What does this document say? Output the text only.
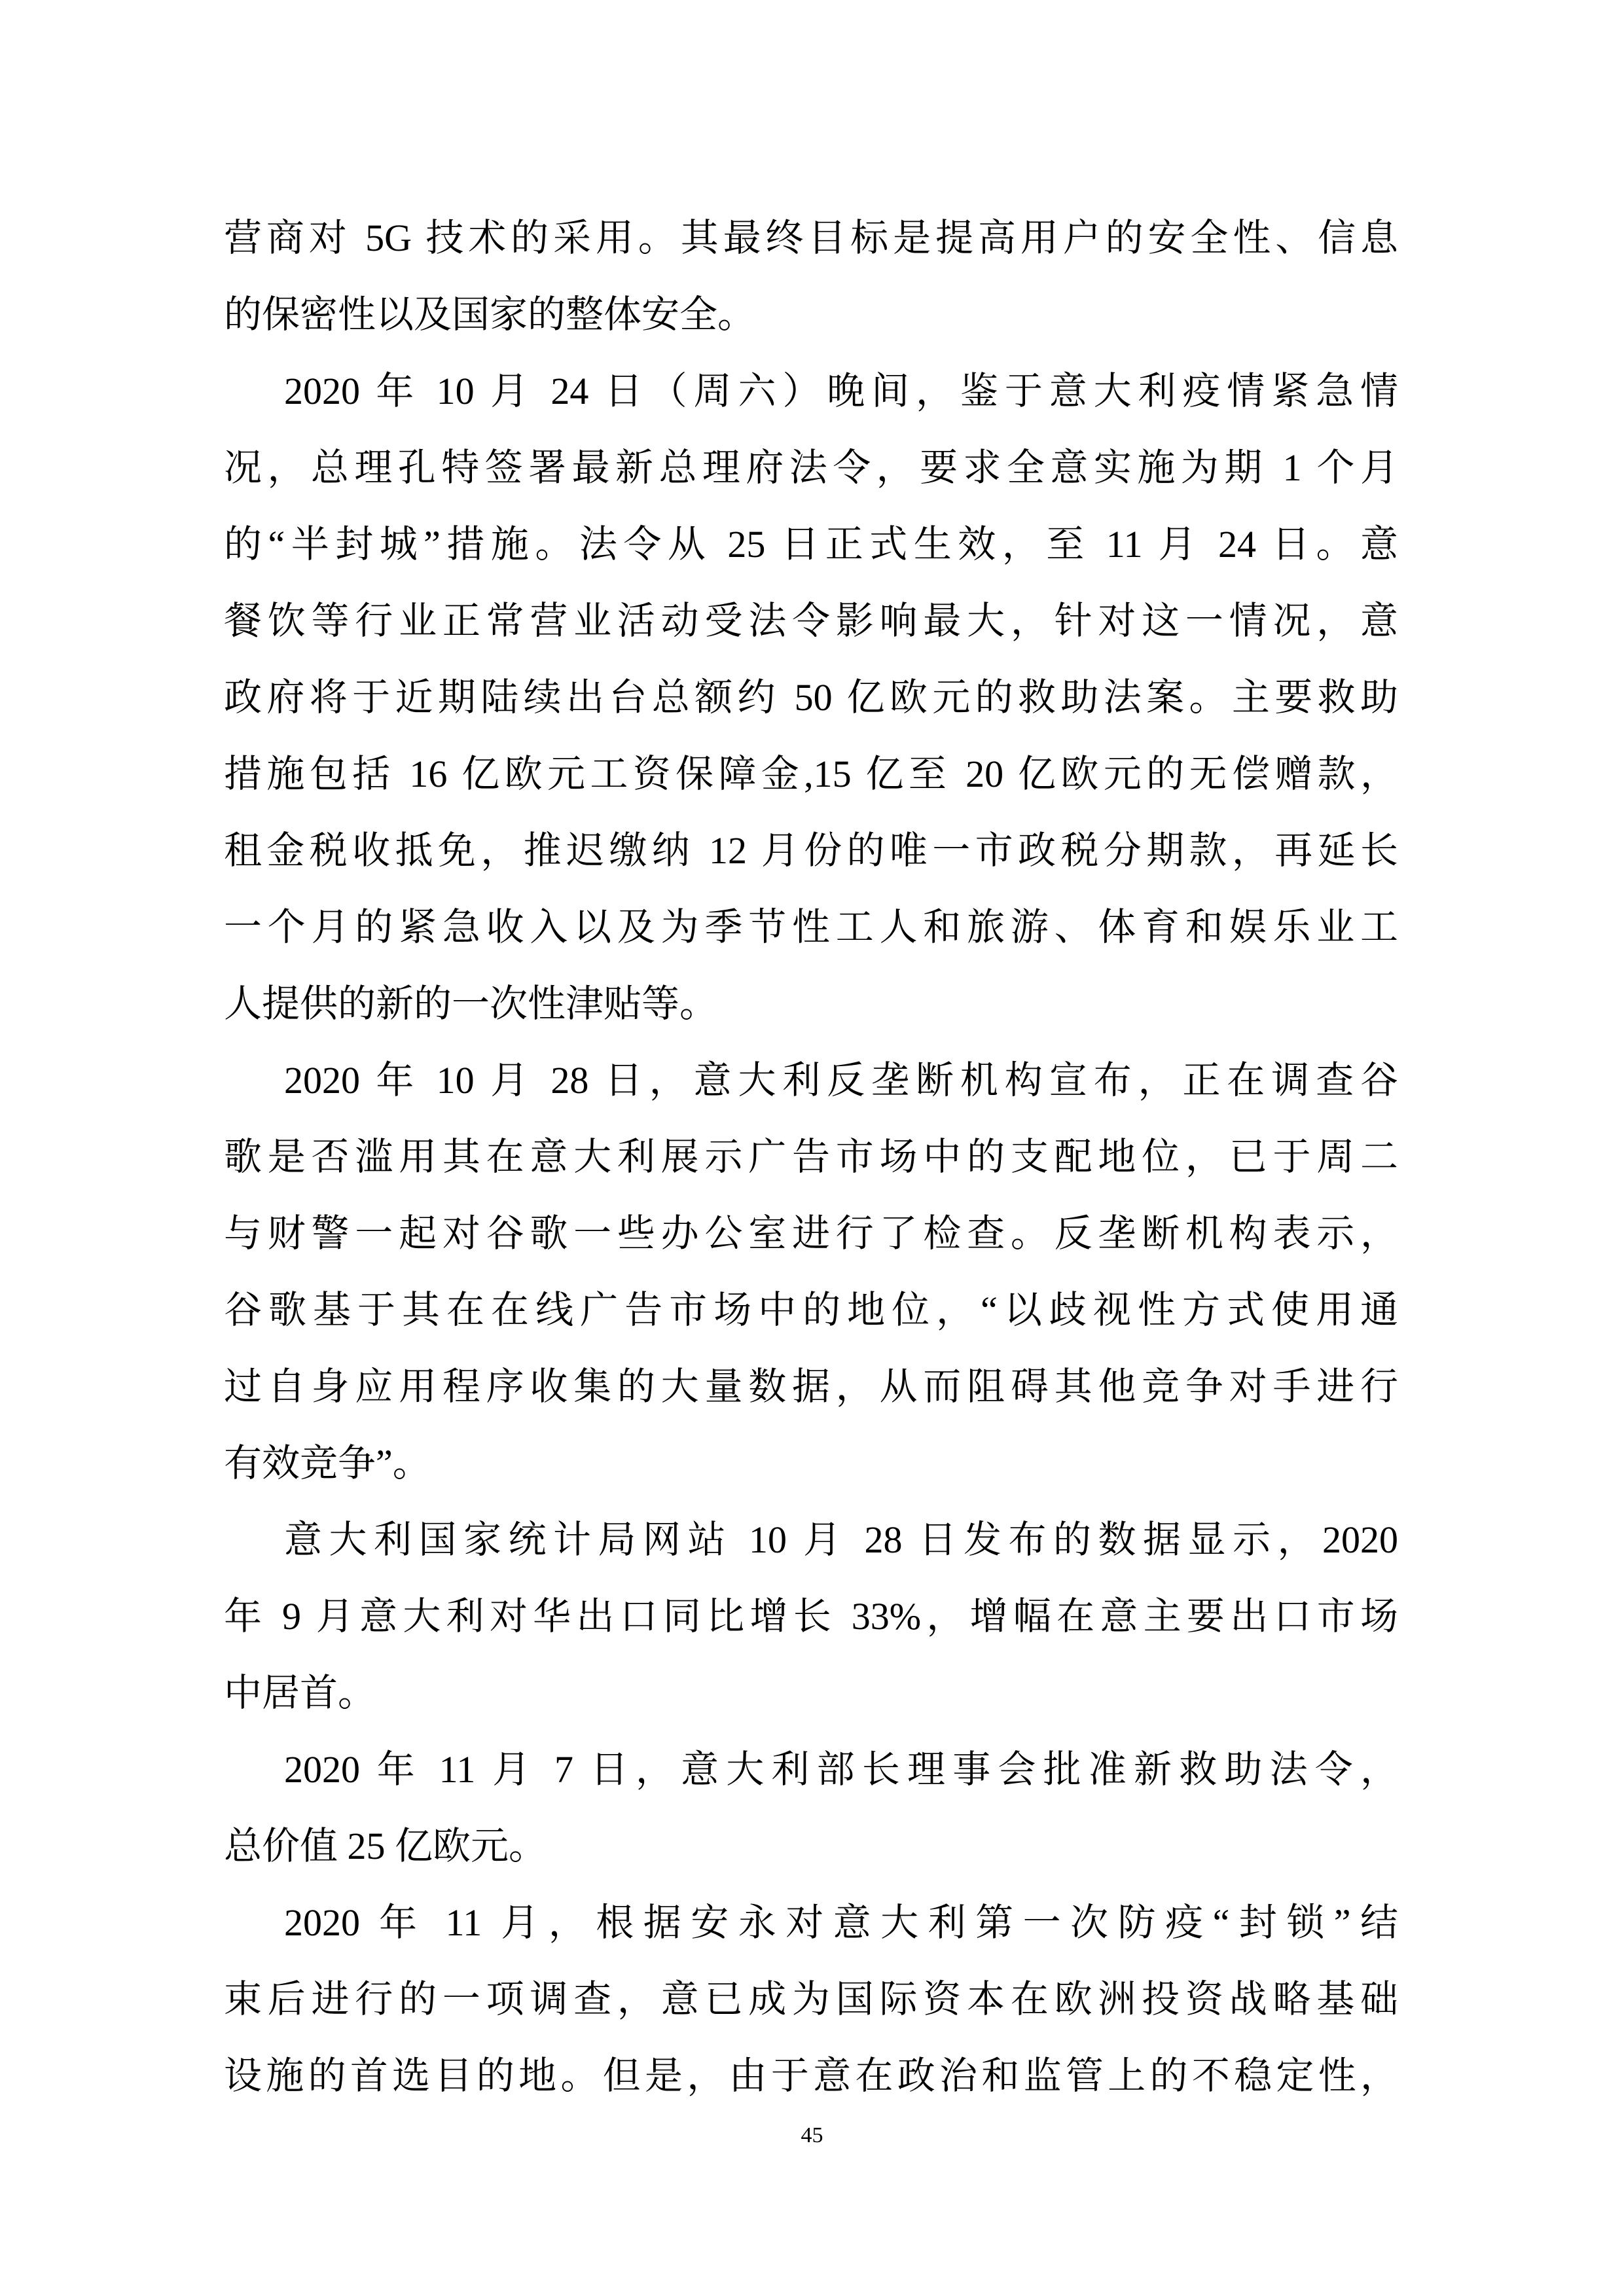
营商对 5G 技术的采用。其最终目标是提高用户的安全性、信息
的保密性以及国家的整体安全。
2020 年 10 月 24 日（周六）晚间，鉴于意大利疫情紧急情
况，总理孔特签署最新总理府法令，要求全意实施为期 1 个月
的“半封城”措施。法令从 25 日正式生效，至 11 月 24 日。意
餐饮等行业正常营业活动受法令影响最大，针对这一情况，意
政府将于近期陆续出台总额约 50 亿欧元的救助法案。主要救助
措施包括 16 亿欧元工资保障金,15 亿至 20 亿欧元的无偿赠款，
租金税收抵免，推迟缴纳 12 月份的唯一市政税分期款，再延长
一个月的紧急收入以及为季节性工人和旅游、体育和娱乐业工
人提供的新的一次性津贴等。
2020 年 10 月 28 日，意大利反垄断机构宣布，正在调查谷
歌是否滥用其在意大利展示广告市场中的支配地位，已于周二
与财警一起对谷歌一些办公室进行了检查。反垄断机构表示，
谷歌基于其在在线广告市场中的地位，“以歧视性方式使用通
过自身应用程序收集的大量数据，从而阻碍其他竞争对手进行
有效竞争”。
意大利国家统计局网站 10 月 28 日发布的数据显示，2020
年 9 月意大利对华出口同比增长 33%，增幅在意主要出口市场
中居首。
2020 年 11 月 7 日，意大利部长理事会批准新救助法令，
总价值 25 亿欧元。
2020 年 11 月，根据安永对意大利第一次防疫“封锁”结
束后进行的一项调查，意已成为国际资本在欧洲投资战略基础
设施的首选目的地。但是，由于意在政治和监管上的不稳定性，
45
